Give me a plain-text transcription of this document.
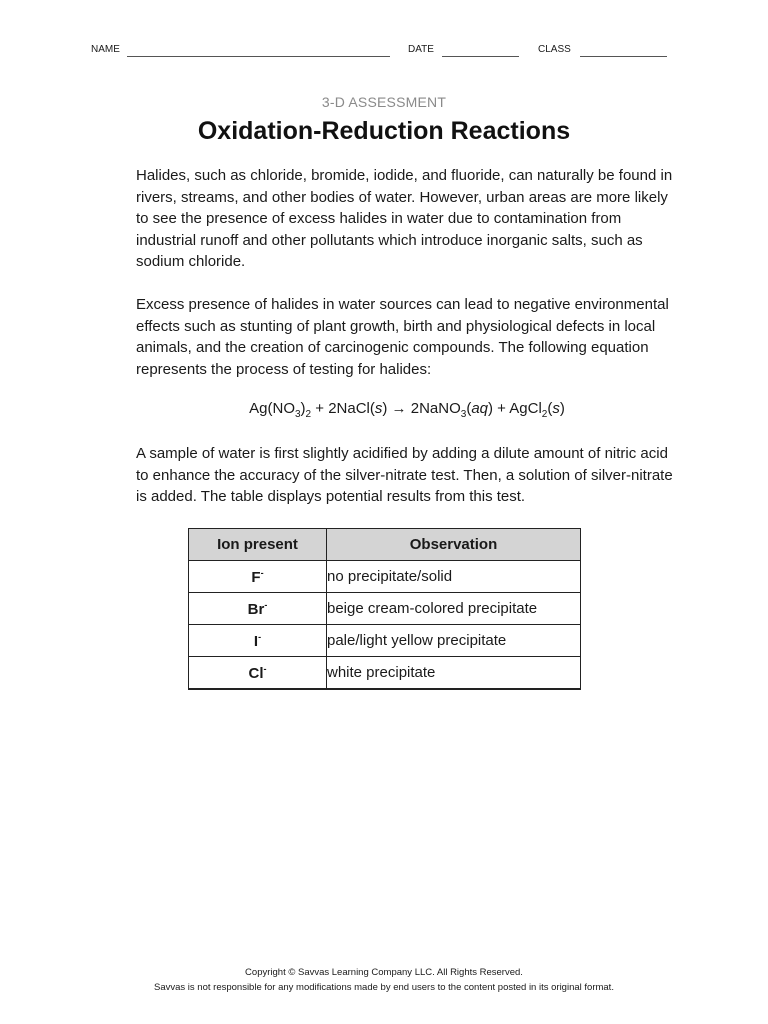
NAME	DATE	CLASS
3-D ASSESSMENT
Oxidation-Reduction Reactions

Halides, such as chloride, bromide, iodide, and fluoride, can naturally be found in rivers, streams, and other bodies of water. However, urban areas are more likely to see the presence of excess halides in water due to contamination from industrial runoff and other pollutants which introduce inorganic salts, such as sodium chloride.

Excess presence of halides in water sources can lead to negative environmental effects such as stunting of plant growth, birth and physiological defects in local animals, and the creation of carcinogenic compounds. The following equation represents the process of testing for halides:

$Ag(NO_3)_2$ + 2NaCl(s) → 2NaNO$_3$(aq) + AgCl$_2$(s)

A sample of water is first slightly acidified by adding a dilute amount of nitric acid to enhance the accuracy of the silver-nitrate test. Then, a solution of silver-nitrate is added. The table displays potential results from this test.

Ion present	Observation
F-	no precipitate/solid
Br-	beige cream-colored precipitate
I-	pale/light yellow precipitate
Cl-	white precipitate
Copyright © Savvas Learning Company LLC. All Rights Reserved.
Savvas is not responsible for any modifications made by end users to the content posted in its original format.
